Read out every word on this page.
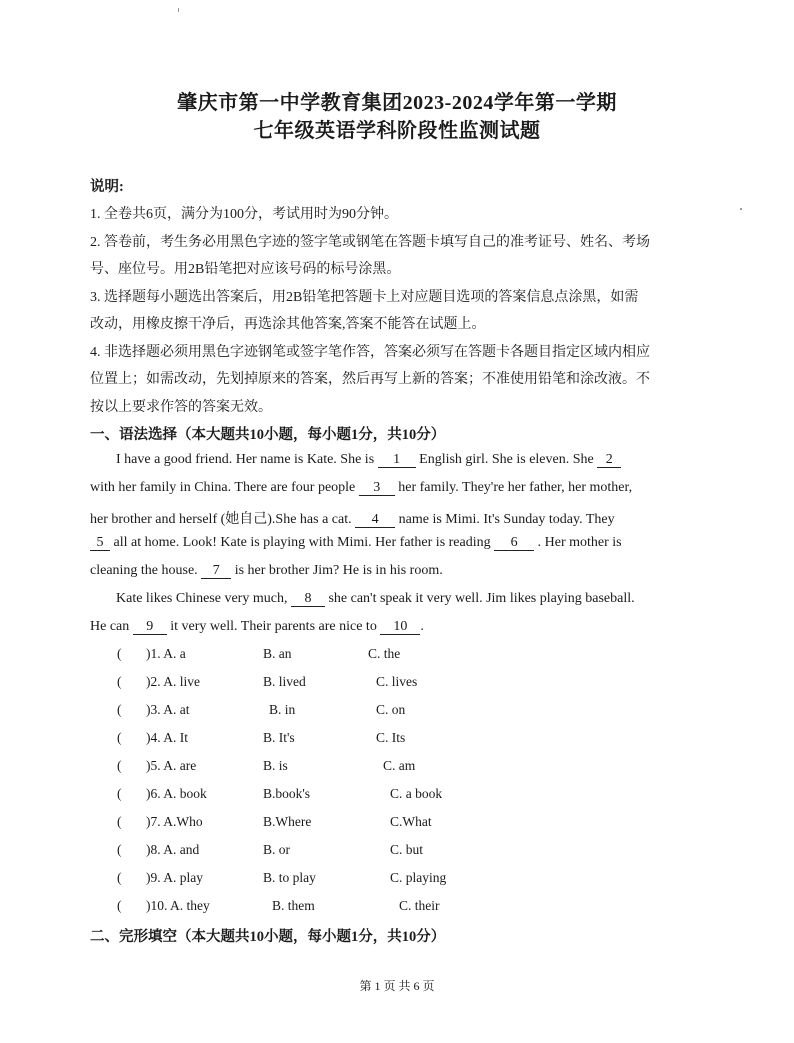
肇庆市第一中学教育集团2023-2024学年第一学期
七年级英语学科阶段性监测试题
说明:
1. 全卷共6页，满分为100分，考试用时为90分钟。
2. 答卷前，考生务必用黑色字迹的签字笔或钢笔在答题卡填写自己的准考证号、姓名、考场
号、座位号。用2B铅笔把对应该号码的标号涂黑。
3. 选择题每小题选出答案后，用2B铅笔把答题卡上对应题目选项的答案信息点涂黑，如需
改动，用橡皮擦干净后，再选涂其他答案,答案不能答在试题上。
4. 非选择题必须用黑色字迹钢笔或签字笔作答，答案必须写在答题卡各题目指定区域内相应
位置上；如需改动，先划掉原来的答案，然后再写上新的答案；不准使用铅笔和涂改液。不
按以上要求作答的答案无效。
一、语法选择（本大题共10小题，每小题1分，共10分）
I have a good friend. Her name is Kate. She is 1 English girl. She is eleven. She 2
with her family in China. There are four people 3 her family. They're her father, her mother,
her brother and herself (她自己).She has a cat. 4 name is Mimi. It's Sunday today. They
5 all at home. Look! Kate is playing with Mimi. Her father is reading 6 . Her mother is
cleaning the house. 7 is her brother Jim? He is in his room.
Kate likes Chinese very much, 8 she can't speak it very well. Jim likes playing baseball.
He can 9 it very well. Their parents are nice to 10 .
( )1. A. a	B. an	C. the
( )2. A. live	B. lived	C. lives
( )3. A. at	B. in	C. on
( )4. A. It	B. It's	C. Its
( )5. A. are	B. is	C. am
( )6. A. book	B.book's	C. a book
( )7. A.Who	B.Where	C.What
( )8. A. and	B. or	C. but
( )9. A. play	B. to play	C. playing
( )10. A. they	B. them	C. their
二、完形填空（本大题共10小题，每小题1分，共10分）
第 1 页 共 6 页
